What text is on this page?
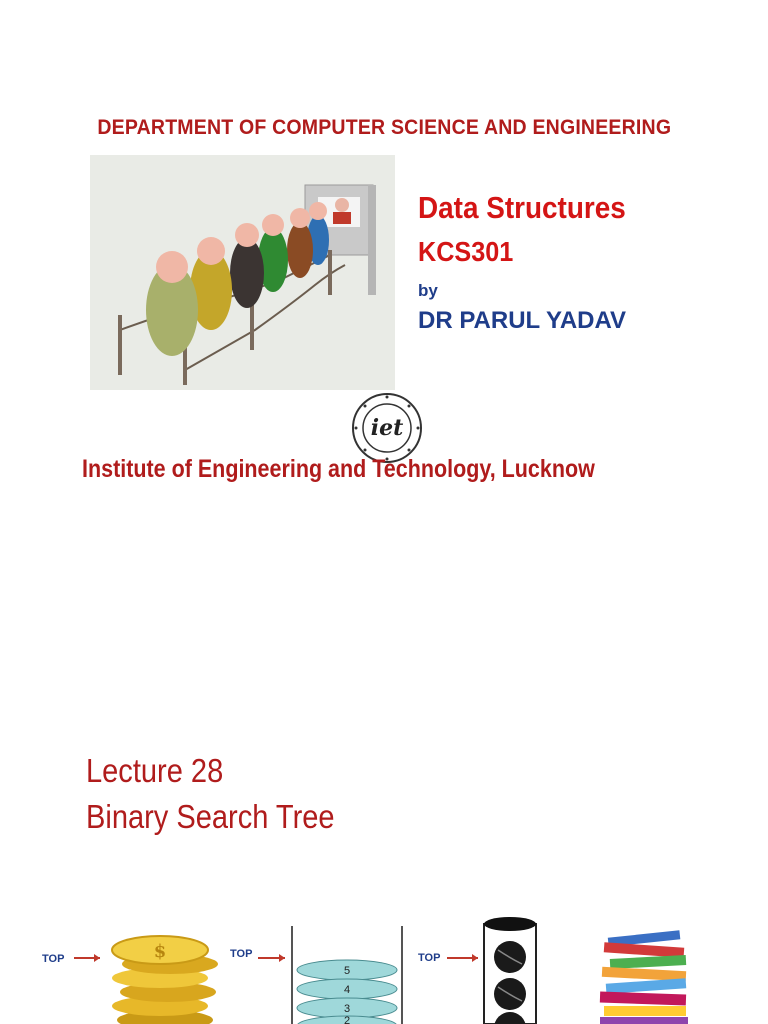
DEPARTMENT OF COMPUTER SCIENCE AND ENGINEERING
Data Structures
KCS301
by
DR PARUL YADAV
iet
Institute of Engineering and Technology, Lucknow
Lecture 28
Binary Search Tree
TOP	$	TOP
5
4
3
2
TOP
